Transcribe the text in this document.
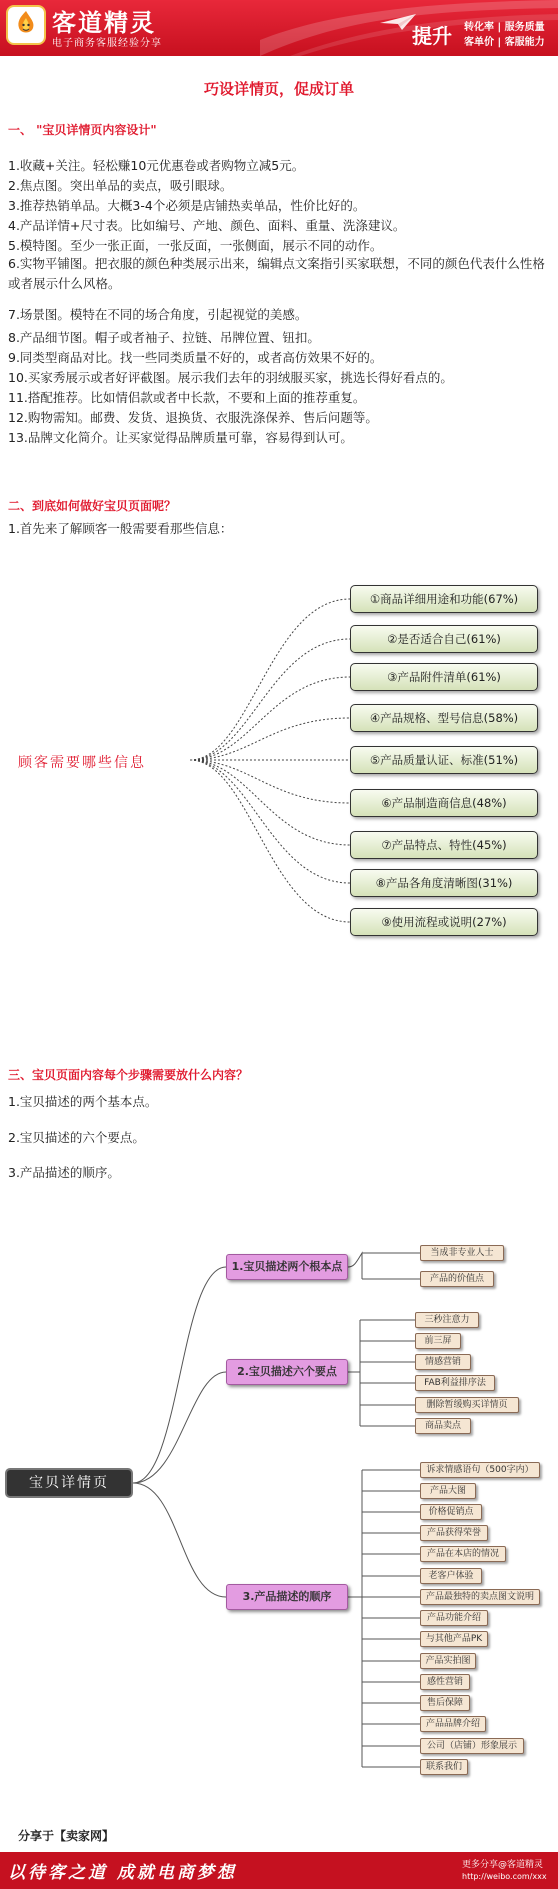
客道精灵
电子商务客服经验分享	提升 转化率 | 服务质量
客单价 | 客服能力
巧设详情页，促成订单
一、 "宝贝详情页内容设计"
1.收藏+关注。轻松赚10元优惠卷或者购物立减5元。
2.焦点图。突出单品的卖点，吸引眼球。
3.推荐热销单品。大概3-4个必须是店铺热卖单品，性价比好的。
4.产品详情+尺寸表。比如编号、产地、颜色、面料、重量、洗涤建议。
5.模特图。至少一张正面，一张反面，一张侧面，展示不同的动作。
6.实物平铺图。把衣服的颜色种类展示出来，编辑点文案指引买家联想，不同的颜色代表什么性格或者展示什么风格。
7.场景图。模特在不同的场合角度，引起视觉的美感。
8.产品细节图。帽子或者袖子、拉链、吊牌位置、钮扣。
9.同类型商品对比。找一些同类质量不好的，或者高仿效果不好的。
10.买家秀展示或者好评截图。展示我们去年的羽绒服买家，挑选长得好看点的。
11.搭配推荐。比如情侣款或者中长款，不要和上面的推荐重复。
12.购物需知。邮费、发货、退换货、衣服洗涤保养、售后问题等。
13.品牌文化简介。让买家觉得品牌质量可靠，容易得到认可。
二、到底如何做好宝贝页面呢？
1.首先来了解顾客一般需要看那些信息：
顾客需要哪些信息
①商品详细用途和功能(67%)
②是否适合自己(61%)
③产品附件清单(61%)
④产品规格、型号信息(58%)
⑤产品质量认证、标准(51%)
⑥产品制造商信息(48%)
⑦产品特点、特性(45%)
⑧产品各角度清晰图(31%)
⑨使用流程或说明(27%)
三、宝贝页面内容每个步骤需要放什么内容？
1.宝贝描述的两个基本点。
2.宝贝描述的六个要点。
3.产品描述的顺序。
宝贝详情页
1.宝贝描述两个根本点
2.宝贝描述六个要点
3.产品描述的顺序
当成非专业人士
产品的价值点
三秒注意力
前三屏
情感营销
FAB利益排序法
删除暂缓购买详情页
商品卖点
诉求情感语句（500字内）
产品大图
价格促销点
产品获得荣誉
产品在本店的情况
老客户体验
产品最独特的卖点图文说明
产品功能介绍
与其他产品PK
产品实拍图
感性营销
售后保障
产品品牌介绍
公司（店铺）形象展示
联系我们
分享于【卖家网】
以待客之道 成就电商梦想	更多分享@客道精灵
http://weibo.com/xxx
